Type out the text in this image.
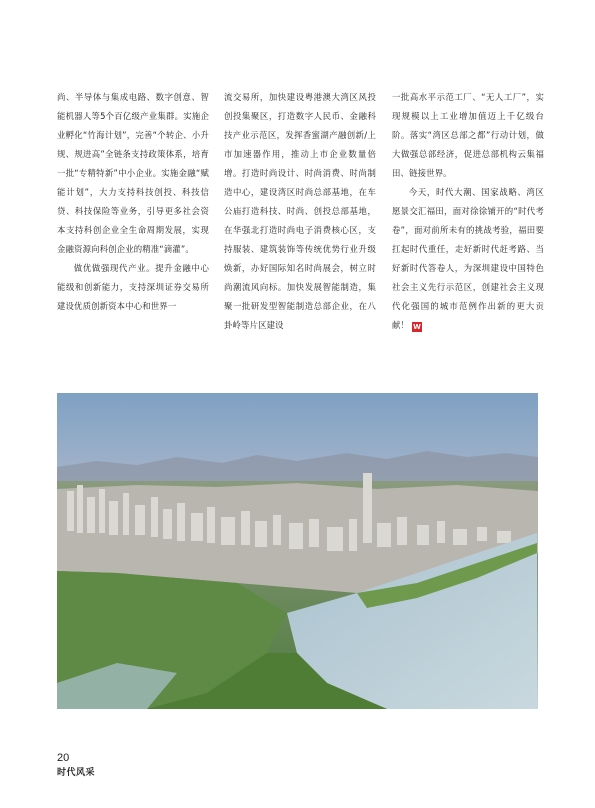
尚、半导体与集成电路、数字创意、智能机器人等5个百亿级产业集群。实施企业孵化“竹海计划”，完善“个转企、小升规、规进高”全链条支持政策体系，培育一批“专精特新”中小企业。实施金融“赋能计划”，大力支持科技创投、科技信贷、科技保险等业务，引导更多社会资本支持科创企业全生命周期发展，实现金融资源向科创企业的精准“滴灌”。

做优做强现代产业。提升金融中心能级和创新能力，支持深圳证券交易所建设优质创新资本中心和世界一

流交易所，加快建设粤港澳大湾区风投创投集聚区，打造数字人民币、金融科技产业示范区，发挥香蜜湖产融创新/上市加速器作用，推动上市企业数量倍增。打造时尚设计、时尚消费、时尚制造中心，建设湾区时尚总部基地，在车公庙打造科技、时尚、创投总部基地，在华强北打造时尚电子消费核心区，支持服装、建筑装饰等传统优势行业升级焕新，办好国际知名时尚展会，树立时尚潮流风向标。加快发展智能制造，集聚一批研发型智能制造总部企业，在八卦岭等片区建设

一批高水平示范工厂、“无人工厂”，实现规模以上工业增加值迈上千亿级台阶。落实“湾区总部之都”行动计划，做大做强总部经济，促进总部机构云集福田、链接世界。

今天，时代大潮、国家战略、湾区愿景交汇福田，面对徐徐铺开的“时代考卷”，面对前所未有的挑战考验，福田要扛起时代重任，走好新时代赶考路、当好新时代答卷人，为深圳建设中国特色社会主义先行示范区，创建社会主义现代化强国的城市范例作出新的更大贡献！ W

20
时代风采
